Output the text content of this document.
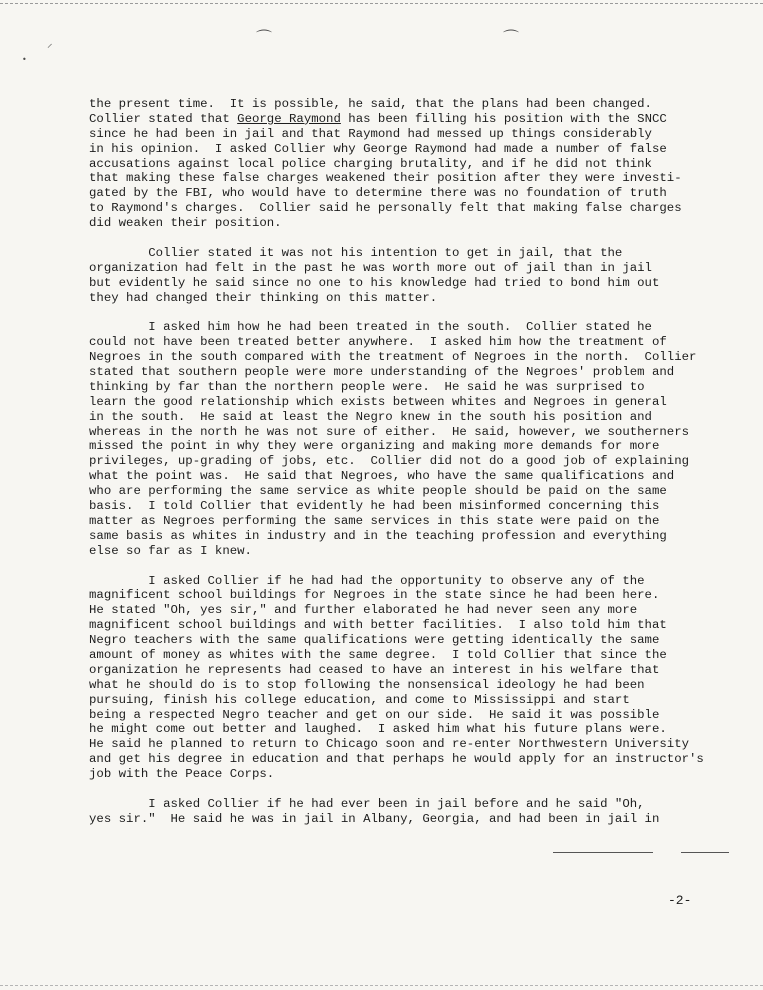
⌒	⌒
⸝
•
the present time.  It is possible, he said, that the plans had been changed.
Collier stated that George Raymond has been filling his position with the SNCC
since he had been in jail and that Raymond had messed up things considerably
in his opinion.  I asked Collier why George Raymond had made a number of false
accusations against local police charging brutality, and if he did not think
that making these false charges weakened their position after they were investi-
gated by the FBI, who would have to determine there was no foundation of truth
to Raymond's charges.  Collier said he personally felt that making false charges
did weaken their position.
Collier stated it was not his intention to get in jail, that the
organization had felt in the past he was worth more out of jail than in jail
but evidently he said since no one to his knowledge had tried to bond him out
they had changed their thinking on this matter.
I asked him how he had been treated in the south.  Collier stated he
could not have been treated better anywhere.  I asked him how the treatment of
Negroes in the south compared with the treatment of Negroes in the north.  Collier
stated that southern people were more understanding of the Negroes' problem and
thinking by far than the northern people were.  He said he was surprised to
learn the good relationship which exists between whites and Negroes in general
in the south.  He said at least the Negro knew in the south his position and
whereas in the north he was not sure of either.  He said, however, we southerners
missed the point in why they were organizing and making more demands for more
privileges, up-grading of jobs, etc.  Collier did not do a good job of explaining
what the point was.  He said that Negroes, who have the same qualifications and
who are performing the same service as white people should be paid on the same
basis.  I told Collier that evidently he had been misinformed concerning this
matter as Negroes performing the same services in this state were paid on the
same basis as whites in industry and in the teaching profession and everything
else so far as I knew.
I asked Collier if he had had the opportunity to observe any of the
magnificent school buildings for Negroes in the state since he had been here.
He stated "Oh, yes sir," and further elaborated he had never seen any more
magnificent school buildings and with better facilities.  I also told him that
Negro teachers with the same qualifications were getting identically the same
amount of money as whites with the same degree.  I told Collier that since the
organization he represents had ceased to have an interest in his welfare that
what he should do is to stop following the nonsensical ideology he had been
pursuing, finish his college education, and come to Mississippi and start
being a respected Negro teacher and get on our side.  He said it was possible
he might come out better and laughed.  I asked him what his future plans were.
He said he planned to return to Chicago soon and re-enter Northwestern University
and get his degree in education and that perhaps he would apply for an instructor's
job with the Peace Corps.
I asked Collier if he had ever been in jail before and he said "Oh,
yes sir."  He said he was in jail in Albany, Georgia, and had been in jail in
-2-
